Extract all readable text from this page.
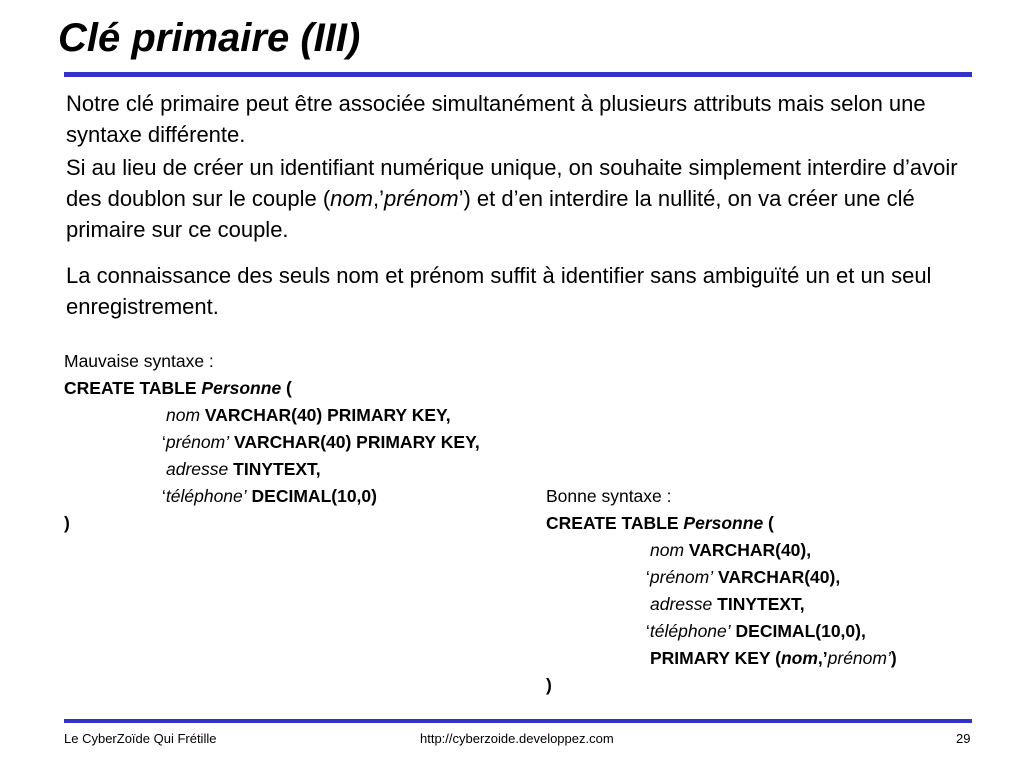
Clé primaire (III)

Notre clé primaire peut être associée simultanément à plusieurs attributs mais selon une syntaxe différente.

Si au lieu de créer un identifiant numérique unique, on souhaite simplement interdire d’avoir des doublon sur le couple (nom,’prénom’) et d’en interdire la nullité, on va créer une clé primaire sur ce couple.

La connaissance des seuls nom et prénom suffit à identifier sans ambiguïté un et un seul enregistrement.

Mauvaise syntaxe :
CREATE TABLE Personne (
nom VARCHAR(40) PRIMARY KEY,
‘prénom’ VARCHAR(40) PRIMARY KEY,
adresse TINYTEXT,
‘téléphone’ DECIMAL(10,0)
)
Bonne syntaxe :
CREATE TABLE Personne (
nom VARCHAR(40),
‘prénom’ VARCHAR(40),
adresse TINYTEXT,
‘téléphone’ DECIMAL(10,0),
PRIMARY KEY (nom,’prénom’)
)
Le CyberZoïde Qui Frétille	http://cyberzoide.developpez.com	29
